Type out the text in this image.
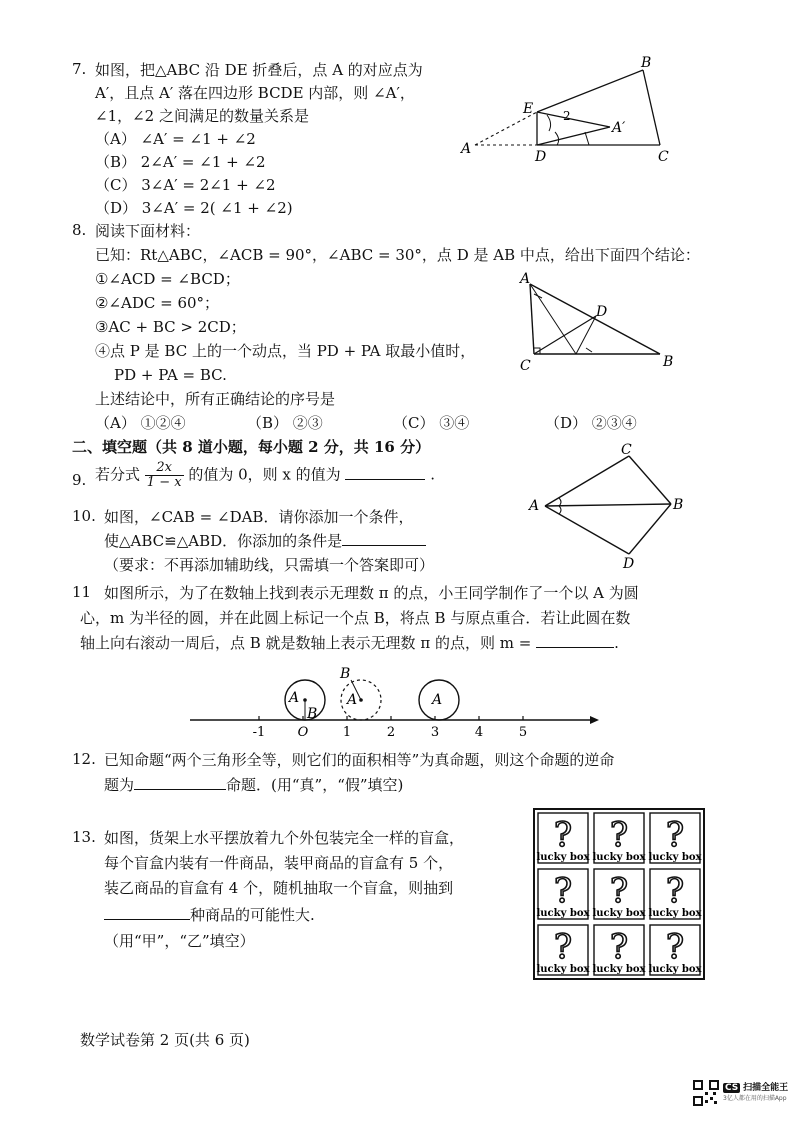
7. 如图，把△ABC 沿 DE 折叠后，点 A 的对应点为
A′，且点 A′ 落在四边形 BCDE 内部，则 ∠A′，
∠1，∠2 之间满足的数量关系是
（A） ∠A′ = ∠1 + ∠2
（B） 2∠A′ = ∠1 + ∠2
（C） 3∠A′ = 2∠1 + ∠2
（D） 3∠A′ = 2( ∠1 + ∠2)
B
E 2
A′
A	D	C
8. 阅读下面材料：
已知：Rt△ABC，∠ACB = 90°，∠ABC = 30°，点 D 是 AB 中点，给出下面四个结论：
①∠ACD = ∠BCD；
②∠ADC = 60°；
③AC + BC > 2CD；
④点 P 是 BC 上的一个动点，当 PD + PA 取最小值时，
PD + PA = BC.
上述结论中，所有正确结论的序号是
（A） ①②④	（B） ②③	（C） ③④	（D） ②③④
A
D
C	B
二、填空题（共 8 道小题，每小题 2 分，共 16 分）
9. 若分式 $\frac{2x}{1 - x}$ 的值为 0，则 x 的值为	.
10. 如图，∠CAB = ∠DAB．请你添加一个条件，
使△ABC≌△ABD．你添加的条件是
（要求：不再添加辅助线，只需填一个答案即可）
C
A	B
D
11 如图所示，为了在数轴上找到表示无理数 π 的点，小王同学制作了一个以 A 为圆
心，m 为半径的圆，并在此圆上标记一个点 B，将点 B 与原点重合．若让此圆在数
轴上向右滚动一周后，点 B 就是数轴上表示无理数 π 的点，则 m =	.
-1 O	1	2	3	4	5
A
B
A
B
A
12. 已知命题“两个三角形全等，则它们的面积相等”为真命题，则这个命题的逆命
题为	命题．(用“真”，“假”填空)
13. 如图，货架上水平摆放着九个外包装完全一样的盲盒，
每个盲盒内装有一件商品，装甲商品的盲盒有 5 个，
装乙商品的盲盒有 4 个，随机抽取一个盲盒，则抽到
种商品的可能性大.
（用“甲”，“乙”填空）
?
lucky box
?
lucky box
?
lucky box
?
lucky box
?
lucky box
?
lucky box
?
lucky box
?
lucky box
?
lucky box
数学试卷第 2 页(共 6 页)
CS 扫描全能王
3亿人都在用的扫描App
